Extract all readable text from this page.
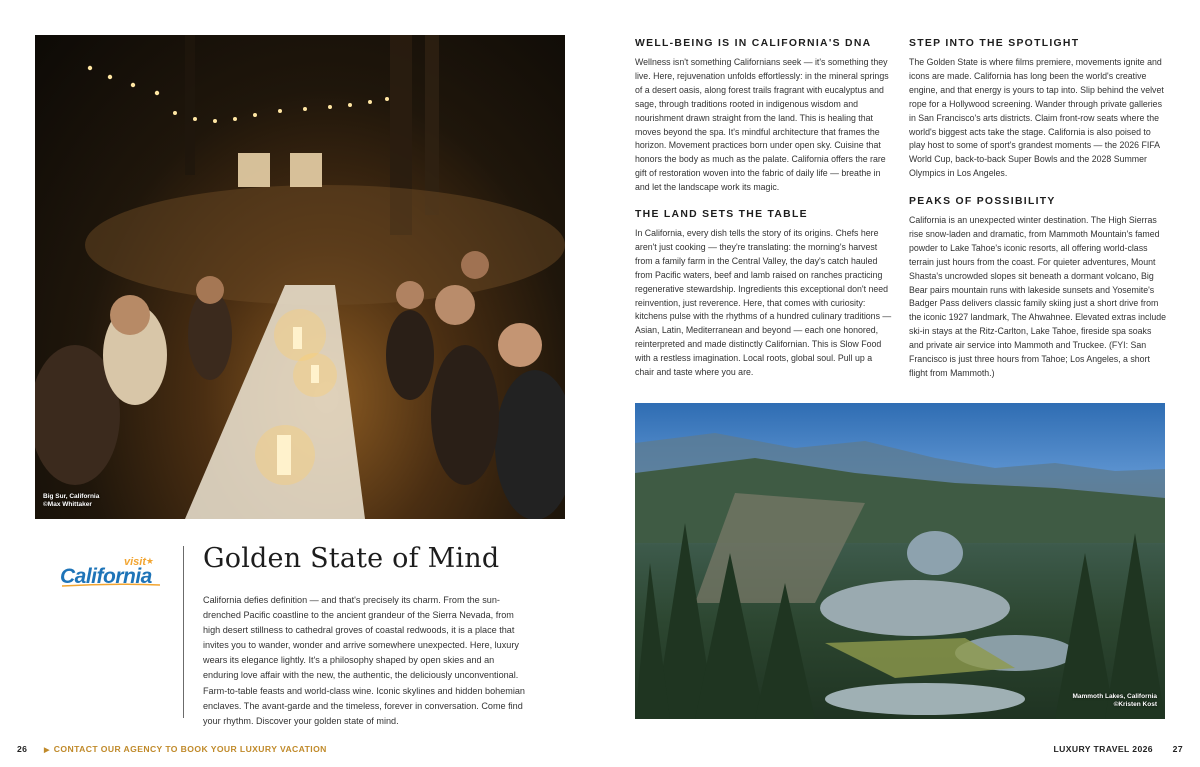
Big Sur, California
©Max Whittaker
visit ★
California
Golden State of Mind

California defies definition — and that's precisely its charm. From the sun-drenched Pacific coastline to the ancient grandeur of the Sierra Nevada, from high desert stillness to cathedral groves of coastal redwoods, it is a place that invites you to wander, wonder and arrive somewhere unexpected. Here, luxury wears its elegance lightly. It's a philosophy shaped by open skies and an enduring love affair with the new, the authentic, the deliciously unconventional. Farm-to-table feasts and world-class wine. Iconic skylines and hidden bohemian enclaves. The avant-garde and the timeless, forever in conversation. Come find your rhythm. Discover your golden state of mind.

WELL-BEING IS IN CALIFORNIA'S DNA

Wellness isn't something Californians seek — it's something they live. Here, rejuvenation unfolds effortlessly: in the mineral springs of a desert oasis, along forest trails fragrant with eucalyptus and sage, through traditions rooted in indigenous wisdom and nourishment drawn straight from the land. This is healing that moves beyond the spa. It's mindful architecture that frames the horizon. Movement practices born under open sky. Cuisine that honors the body as much as the palate. California offers the rare gift of restoration woven into the fabric of daily life — breathe in and let the landscape work its magic.

THE LAND SETS THE TABLE

In California, every dish tells the story of its origins. Chefs here aren't just cooking — they're translating: the morning's harvest from a family farm in the Central Valley, the day's catch hauled from Pacific waters, beef and lamb raised on ranches practicing regenerative stewardship. Ingredients this exceptional don't need reinvention, just reverence. Here, that comes with curiosity: kitchens pulse with the rhythms of a hundred culinary traditions — Asian, Latin, Mediterranean and beyond — each one honored, reinterpreted and made distinctly Californian. This is Slow Food with a restless imagination. Local roots, global soul. Pull up a chair and taste where you are.

STEP INTO THE SPOTLIGHT

The Golden State is where films premiere, movements ignite and icons are made. California has long been the world's creative engine, and that energy is yours to tap into. Slip behind the velvet rope for a Hollywood screening. Wander through private galleries in San Francisco's arts districts. Claim front-row seats where the world's biggest acts take the stage. California is also poised to play host to some of sport's grandest moments — the 2026 FIFA World Cup, back-to-back Super Bowls and the 2028 Summer Olympics in Los Angeles.

PEAKS OF POSSIBILITY

California is an unexpected winter destination. The High Sierras rise snow-laden and dramatic, from Mammoth Mountain's famed powder to Lake Tahoe's iconic resorts, all offering world-class terrain just hours from the coast. For quieter adventures, Mount Shasta's uncrowded slopes sit beneath a dormant volcano, Big Bear pairs mountain runs with lakeside sunsets and Yosemite's Badger Pass delivers classic family skiing just a short drive from the iconic 1927 landmark, The Ahwahnee. Elevated extras include ski-in stays at the Ritz-Carlton, Lake Tahoe, fireside spa soaks and private air service into Mammoth and Truckee. (FYI: San Francisco is just three hours from Tahoe; Los Angeles, a short flight from Mammoth.)

Mammoth Lakes, California
©Kristen Kost
26 ▶ CONTACT OUR AGENCY TO BOOK YOUR LUXURY VACATION	LUXURY TRAVEL 2026 27
